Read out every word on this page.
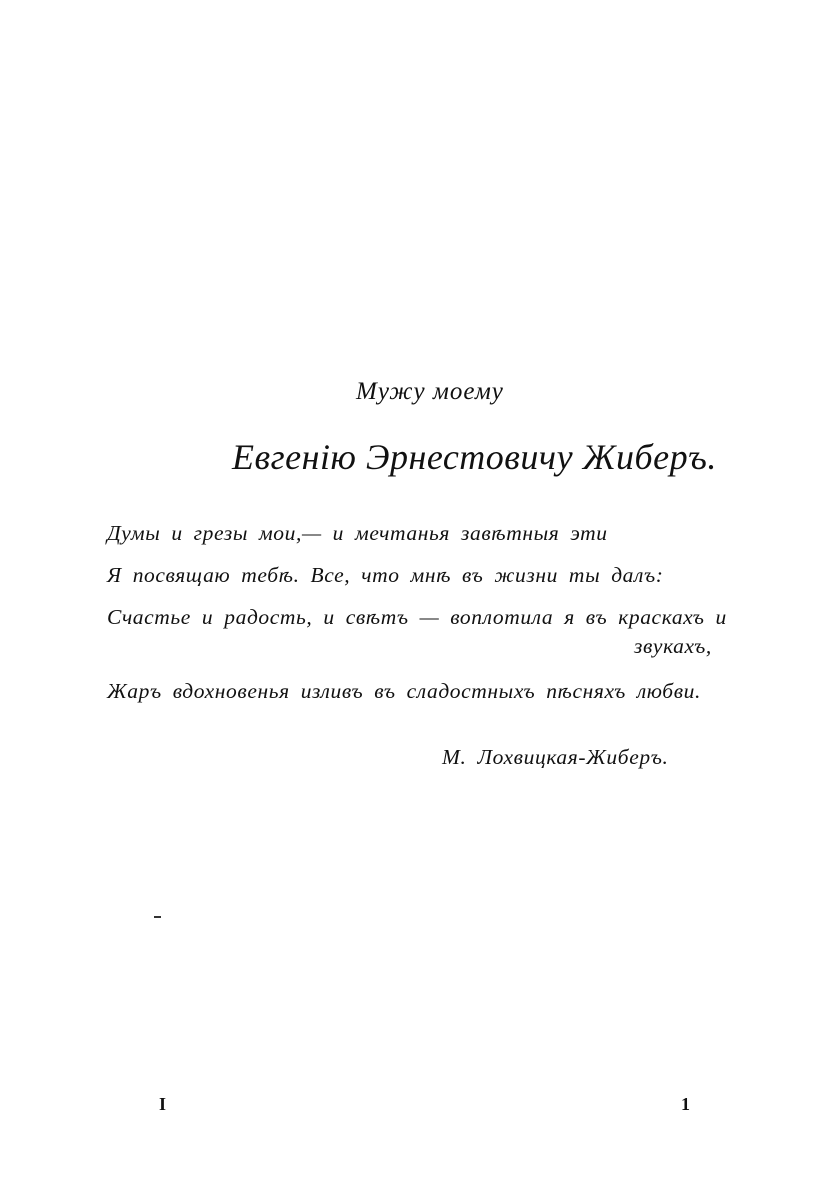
Мужу моему
Евгенію Эрнестовичу Жиберъ.
Думы и грезы мои,— и мечтанья завѣтныя эти
Я посвящаю тебѣ. Все, что мнѣ въ жизни ты далъ:
Счастье и радость, и свѣтъ — воплотила я въ краскахъ и
звукахъ,
Жаръ вдохновенья изливъ въ сладостныхъ пѣсняхъ любви.
М. Лохвицкая-Жиберъ.
I	1
